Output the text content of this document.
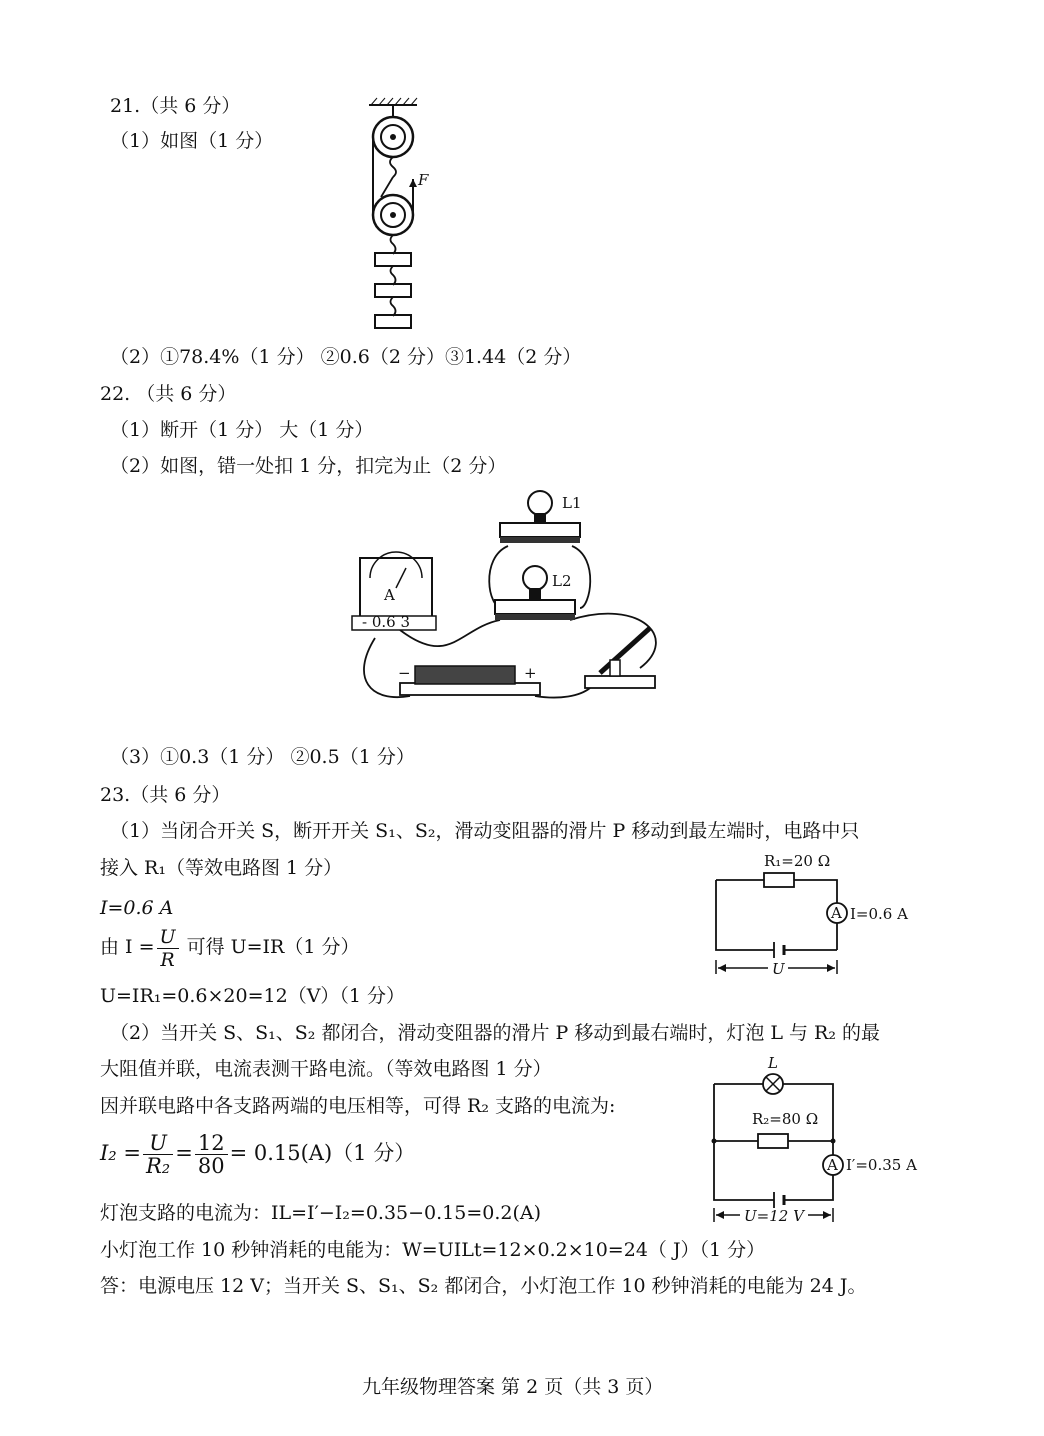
21.（共 6 分）
（1）如图（1 分）
F
（2）①78.4%（1 分） ②0.6（2 分）③1.44（2 分）
22. （共 6 分）
（1）断开（1 分） 大（1 分）
（2）如图，错一处扣 1 分，扣完为止（2 分）
L1
L2
A
- 0.6 3
−	+
（3）①0.3（1 分） ②0.5（1 分）
23.（共 6 分）
（1）当闭合开关 S，断开开关 S₁、S₂，滑动变阻器的滑片 P 移动到最左端时，电路中只
接入 R₁（等效电路图 1 分）
I=0.6 A
由 $I = \frac{U}{R}$ 可得 U=IR（1 分）
U=IR₁=0.6×20=12（V）（1 分）
R₁=20 Ω
A I=0.6 A
U
（2）当开关 S、S₁、S₂ 都闭合，滑动变阻器的滑片 P 移动到最右端时，灯泡 L 与 R₂ 的最
大阻值并联，电流表测干路电流。（等效电路图 1 分）
因并联电路中各支路两端的电压相等，可得 R₂ 支路的电流为:
$I_2 = \frac{U}{\text{R₂}} = \frac{12}{80} = 0.15(A)(1$ 分）
L
R₂=80 Ω
A I′=0.35 A
U=12 V
灯泡支路的电流为：IL=I′−I₂=0.35−0.15=0.2(A)
小灯泡工作 10 秒钟消耗的电能为：W=UILt=12×0.2×10=24（ J）（1 分）
答：电源电压 12 V；当开关 S、S₁、S₂ 都闭合，小灯泡工作 10 秒钟消耗的电能为 24 J。
九年级物理答案 第 2 页（共 3 页）
